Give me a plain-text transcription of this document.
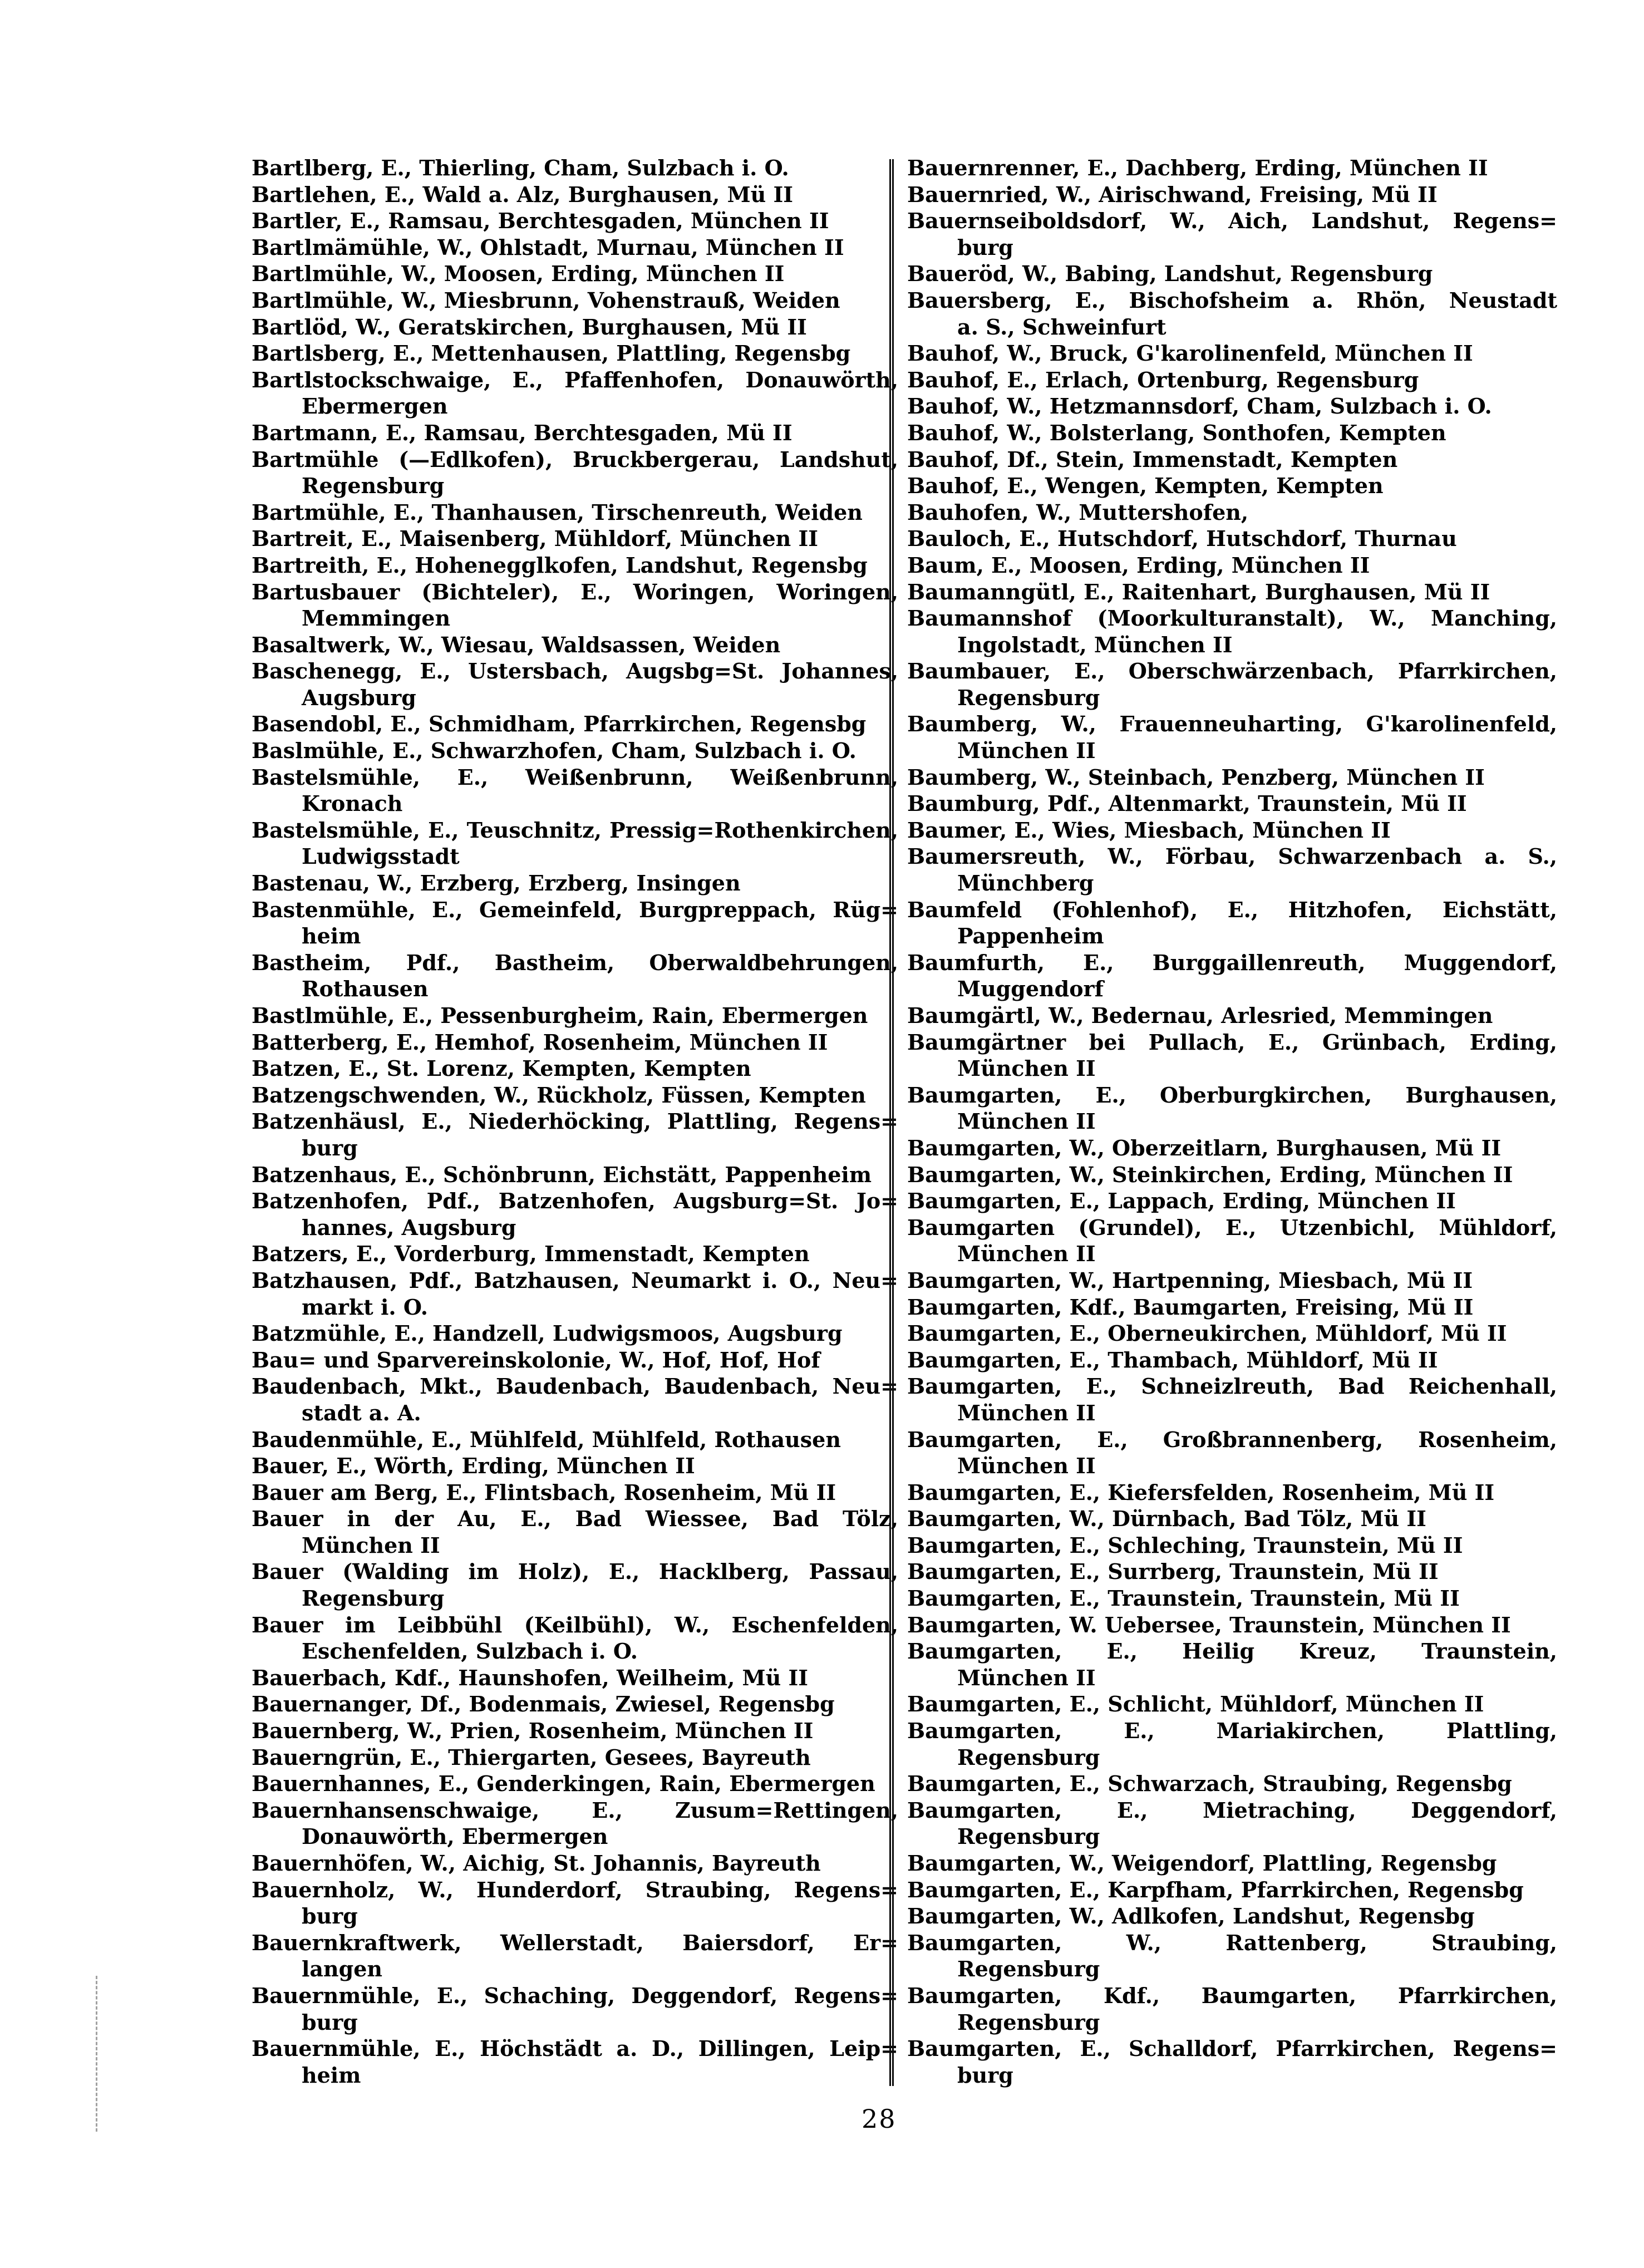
Bartlberg, E., Thierling, Cham, Sulzbach i. O.
Bartlehen, E., Wald a. Alz, Burghausen, Mü II
Bartler, E., Ramsau, Berchtesgaden, München II
Bartlmämühle, W., Ohlstadt, Murnau, München II
Bartlmühle, W., Moosen, Erding, München II
Bartlmühle, W., Miesbrunn, Vohenstrauß, Weiden
Bartlöd, W., Geratskirchen, Burghausen, Mü II
Bartlsberg, E., Mettenhausen, Plattling, Regensbg
Bartlstockschwaige, E., Pfaffenhofen, Donauwörth,
Ebermergen
Bartmann, E., Ramsau, Berchtesgaden, Mü II
Bartmühle (—Edlkofen), Bruckbergerau, Landshut,
Regensburg
Bartmühle, E., Thanhausen, Tirschenreuth, Weiden
Bartreit, E., Maisenberg, Mühldorf, München II
Bartreith, E., Hohenegglkofen, Landshut, Regensbg
Bartusbauer (Bichteler), E., Woringen, Woringen,
Memmingen
Basaltwerk, W., Wiesau, Waldsassen, Weiden
Baschenegg, E., Ustersbach, Augsbg=St. Johannes,
Augsburg
Basendobl, E., Schmidham, Pfarrkirchen, Regensbg
Baslmühle, E., Schwarzhofen, Cham, Sulzbach i. O.
Bastelsmühle, E., Weißenbrunn, Weißenbrunn,
Kronach
Bastelsmühle, E., Teuschnitz, Pressig=Rothenkirchen,
Ludwigsstadt
Bastenau, W., Erzberg, Erzberg, Insingen
Bastenmühle, E., Gemeinfeld, Burgpreppach, Rüg=
heim
Bastheim, Pdf., Bastheim, Oberwaldbehrungen,
Rothausen
Bastlmühle, E., Pessenburgheim, Rain, Ebermergen
Batterberg, E., Hemhof, Rosenheim, München II
Batzen, E., St. Lorenz, Kempten, Kempten
Batzengschwenden, W., Rückholz, Füssen, Kempten
Batzenhäusl, E., Niederhöcking, Plattling, Regens=
burg
Batzenhaus, E., Schönbrunn, Eichstätt, Pappenheim
Batzenhofen, Pdf., Batzenhofen, Augsburg=St. Jo=
hannes, Augsburg
Batzers, E., Vorderburg, Immenstadt, Kempten
Batzhausen, Pdf., Batzhausen, Neumarkt i. O., Neu=
markt i. O.
Batzmühle, E., Handzell, Ludwigsmoos, Augsburg
Bau= und Sparvereinskolonie, W., Hof, Hof, Hof
Baudenbach, Mkt., Baudenbach, Baudenbach, Neu=
stadt a. A.
Baudenmühle, E., Mühlfeld, Mühlfeld, Rothausen
Bauer, E., Wörth, Erding, München II
Bauer am Berg, E., Flintsbach, Rosenheim, Mü II
Bauer in der Au, E., Bad Wiessee, Bad Tölz,
München II
Bauer (Walding im Holz), E., Hacklberg, Passau,
Regensburg
Bauer im Leibbühl (Keilbühl), W., Eschenfelden,
Eschenfelden, Sulzbach i. O.
Bauerbach, Kdf., Haunshofen, Weilheim, Mü II
Bauernanger, Df., Bodenmais, Zwiesel, Regensbg
Bauernberg, W., Prien, Rosenheim, München II
Bauerngrün, E., Thiergarten, Gesees, Bayreuth
Bauernhannes, E., Genderkingen, Rain, Ebermergen
Bauernhansenschwaige, E., Zusum=Rettingen,
Donauwörth, Ebermergen
Bauernhöfen, W., Aichig, St. Johannis, Bayreuth
Bauernholz, W., Hunderdorf, Straubing, Regens=
burg
Bauernkraftwerk, Wellerstadt, Baiersdorf, Er=
langen
Bauernmühle, E., Schaching, Deggendorf, Regens=
burg
Bauernmühle, E., Höchstädt a. D., Dillingen, Leip=
heim
Bauernrenner, E., Dachberg, Erding, München II
Bauernried, W., Airischwand, Freising, Mü II
Bauernseiboldsdorf, W., Aich, Landshut, Regens=
burg
Baueröd, W., Babing, Landshut, Regensburg
Bauersberg, E., Bischofsheim a. Rhön, Neustadt
a. S., Schweinfurt
Bauhof, W., Bruck, G'karolinenfeld, München II
Bauhof, E., Erlach, Ortenburg, Regensburg
Bauhof, W., Hetzmannsdorf, Cham, Sulzbach i. O.
Bauhof, W., Bolsterlang, Sonthofen, Kempten
Bauhof, Df., Stein, Immenstadt, Kempten
Bauhof, E., Wengen, Kempten, Kempten
Bauhofen, W., Muttershofen,
Bauloch, E., Hutschdorf, Hutschdorf, Thurnau
Baum, E., Moosen, Erding, München II
Baumanngütl, E., Raitenhart, Burghausen, Mü II
Baumannshof (Moorkulturanstalt), W., Manching,
Ingolstadt, München II
Baumbauer, E., Oberschwärzenbach, Pfarrkirchen,
Regensburg
Baumberg, W., Frauenneuharting, G'karolinenfeld,
München II
Baumberg, W., Steinbach, Penzberg, München II
Baumburg, Pdf., Altenmarkt, Traunstein, Mü II
Baumer, E., Wies, Miesbach, München II
Baumersreuth, W., Förbau, Schwarzenbach a. S.,
Münchberg
Baumfeld (Fohlenhof), E., Hitzhofen, Eichstätt,
Pappenheim
Baumfurth, E., Burggaillenreuth, Muggendorf,
Muggendorf
Baumgärtl, W., Bedernau, Arlesried, Memmingen
Baumgärtner bei Pullach, E., Grünbach, Erding,
München II
Baumgarten, E., Oberburgkirchen, Burghausen,
München II
Baumgarten, W., Oberzeitlarn, Burghausen, Mü II
Baumgarten, W., Steinkirchen, Erding, München II
Baumgarten, E., Lappach, Erding, München II
Baumgarten (Grundel), E., Utzenbichl, Mühldorf,
München II
Baumgarten, W., Hartpenning, Miesbach, Mü II
Baumgarten, Kdf., Baumgarten, Freising, Mü II
Baumgarten, E., Oberneukirchen, Mühldorf, Mü II
Baumgarten, E., Thambach, Mühldorf, Mü II
Baumgarten, E., Schneizlreuth, Bad Reichenhall,
München II
Baumgarten, E., Großbrannenberg, Rosenheim,
München II
Baumgarten, E., Kiefersfelden, Rosenheim, Mü II
Baumgarten, W., Dürnbach, Bad Tölz, Mü II
Baumgarten, E., Schleching, Traunstein, Mü II
Baumgarten, E., Surrberg, Traunstein, Mü II
Baumgarten, E., Traunstein, Traunstein, Mü II
Baumgarten, W. Uebersee, Traunstein, München II
Baumgarten, E., Heilig Kreuz, Traunstein,
München II
Baumgarten, E., Schlicht, Mühldorf, München II
Baumgarten, E., Mariakirchen, Plattling,
Regensburg
Baumgarten, E., Schwarzach, Straubing, Regensbg
Baumgarten, E., Mietraching, Deggendorf,
Regensburg
Baumgarten, W., Weigendorf, Plattling, Regensbg
Baumgarten, E., Karpfham, Pfarrkirchen, Regensbg
Baumgarten, W., Adlkofen, Landshut, Regensbg
Baumgarten, W., Rattenberg, Straubing,
Regensburg
Baumgarten, Kdf., Baumgarten, Pfarrkirchen,
Regensburg
Baumgarten, E., Schalldorf, Pfarrkirchen, Regens=
burg
28
